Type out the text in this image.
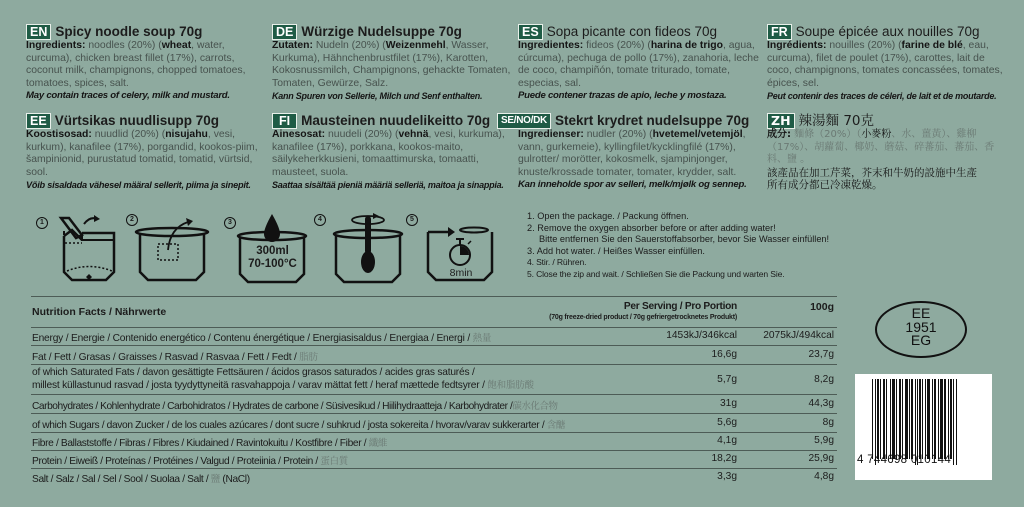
EN Spicy noodle soup 70g
Ingredients: noodles (20%) (wheat, water, curcuma), chicken breast fillet (17%), carrots, coconut milk, champignons, chopped tomatoes, tomatoes, spices, salt.
May contain traces of celery, milk and mustard.
DE Würzige Nudelsuppe 70g
Zutaten: Nudeln (20%) (Weizenmehl, Wasser, Kurkuma), Hähnchenbrustfilet (17%), Karotten, Kokosnussmilch, Champignons, gehackte Tomaten, Tomaten, Gewürze, Salz.
Kann Spuren von Sellerie, Milch und Senf enthalten.
ES Sopa picante con fideos 70g
Ingredientes: fideos (20%) (harina de trigo, agua, cúrcuma), pechuga de pollo (17%), zanahoria, leche de coco, champiñón, tomate triturado, tomate, especias, sal.
Puede contener trazas de apio, leche y mostaza.
FR Soupe épicée aux nouilles 70g
Ingrédients: nouilles (20%) (farine de blé, eau, curcuma), filet de poulet (17%), carottes, lait de coco, champignons, tomates concassées, tomates, épices, sel.
Peut contenir des traces de céleri, de lait et de moutarde.
EE Vürtsikas nuudlisupp 70g
Koostisosad: nuudlid (20%) (nisujahu, vesi, kurkum), kanafilee (17%), porgandid, kookos-piim, šampinionid, purustatud tomatid, tomatid, vürtsid, sool.
Võib sisaldada vähesel määral sellerit, piima ja sinepit.
FI Mausteinen nuudelikeitto 70g
Ainesosat: nuudeli (20%) (vehnä, vesi, kurkuma), kanafilee (17%), porkkana, kookos-maito, säilykeherkkusieni, tomaattimurska, tomaatti, mausteet, suola.
Saattaa sisältää pieniä määriä selleriä, maitoa ja sinappia.
SE/NO/DK Stekrt krydret nudelsuppe 70g
Ingredienser: nudler (20%) (hvetemel/vetemjöl, vann, gurkemeie), kyllingfilet/kycklingfilé (17%), gulrotter/ morötter, kokosmelk, sjampinjonger, knuste/krossade tomater, tomater, krydder, salt.
Kan inneholde spor av selleri, melk/mjølk og sennep.
ZH 辣湯麵 70克
成分: 麵條（20%）（小麥粉、水、薑黃）、雞柳（17%）、胡蘿蔔、椰奶、蘑菇、碎蕃茄、蕃茄、香料、鹽 。
該產品在加工芹菜，芥末和牛奶的設施中生產
所有成分都已冷凍乾燥。
1	2	3
300ml
70-100°C
4	5
8min
1. Open the package. / Packung öffnen.
2. Remove the oxygen absorber before or after adding water!
Bitte entfernen Sie den Sauerstoffabsorber, bevor Sie Wasser einfüllen!
3. Add hot water. / Heißes Wasser einfüllen.
4. Stir. / Rühren.
5. Close the zip and wait. / Schließen Sie die Packung und warten Sie.
Nutrition Facts / Nährwerte	Per Serving / Pro Portion
(70g freeze-dried product / 70g gefriergetrocknetes Produkt)
100g
Energy / Energie / Contenido energético / Contenu énergétique / Energiasisaldus / Energiaa / Energi / 熱量	1453kJ/346kcal	2075kJ/494kcal
Fat / Fett / Grasas / Graisses / Rasvad / Rasvaa / Fett / Fedt / 脂肪	16,6g	23,7g
of which Saturated Fats / davon gesättigte Fettsäuren / ácidos grasos saturados / acides gras saturés /
millest küllastunud rasvad / josta tyydyttyneitä rasvahappoja / varav mättat fett / heraf mættede fedtsyrer / 飽和脂肪酸	5,7g	8,2g
Carbohydrates / Kohlenhydrate / Carbohidratos / Hydrates de carbone / Süsivesikud / Hiilihydraatteja / Karbohydrater /碳水化合物	31g	44,3g
of which Sugars / davon Zucker / de los cuales azúcares / dont sucre / suhkrud / josta sokereita / hvorav/varav sukkerarter / 含醣	5,6g	8g
Fibre / Ballaststoffe / Fibras / Fibres / Kiudained / Ravintokuitu / Kostfibre / Fiber / 纖維	4,1g	5,9g
Protein / Eiweiß / Proteínas / Protéines / Valgud / Proteiinia / Protein / 蛋白質	18,2g	25,9g
Salt / Salz / Sal / Sel / Sool / Suolaa / Salt / 鹽 (NaCl)	3,3g	4,8g
EE
1951
EG
4 744698 010144
